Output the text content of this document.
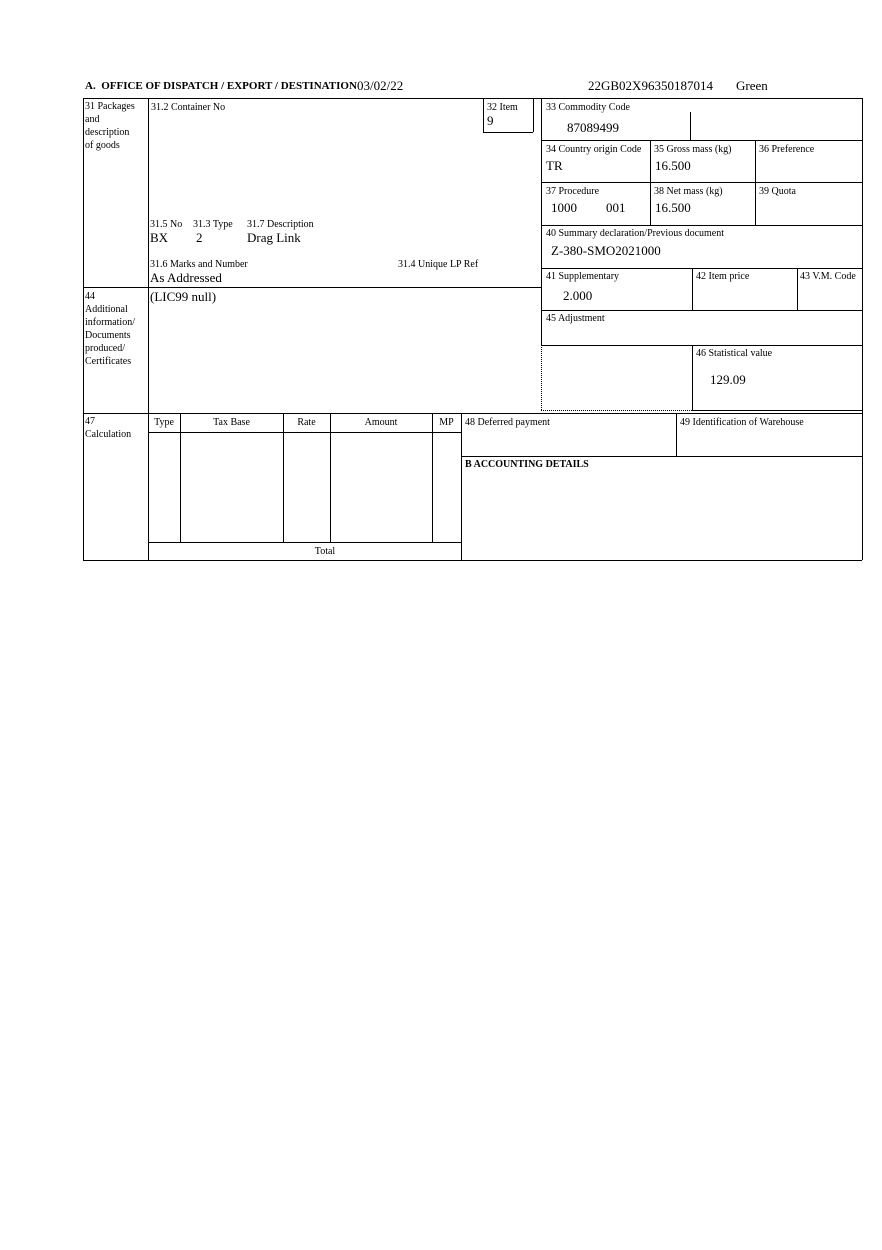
A.  OFFICE OF DISPATCH / EXPORT / DESTINATION 03/02/22	22GB02X96350187014 Green
31 Packages
and
description
of goods
31.2 Container No	32 Item
9
33 Commodity Code
87089499
34 Country origin Code
TR
35 Gross mass (kg)
16.500
36 Preference
37 Procedure
1000 001
38 Net mass (kg)
16.500
39 Quota
31.5 No 31.3 Type 31.7 Description
BX 2	Drag Link	40 Summary declaration/Previous document
Z-380-SMO2021000
31.6 Marks and Number	31.4 Unique LP Ref
As Addressed	41 Supplementary
2.000
42 Item price	43 V.M. Code
44
Additional
information/
Documents
produced/
Certificates
(LIC99 null)
45 Adjustment
46 Statistical value
129.09
47
Calculation
Type	Tax Base	Rate	Amount	MP
Total
48 Deferred payment	49 Identification of Warehouse
B ACCOUNTING DETAILS
